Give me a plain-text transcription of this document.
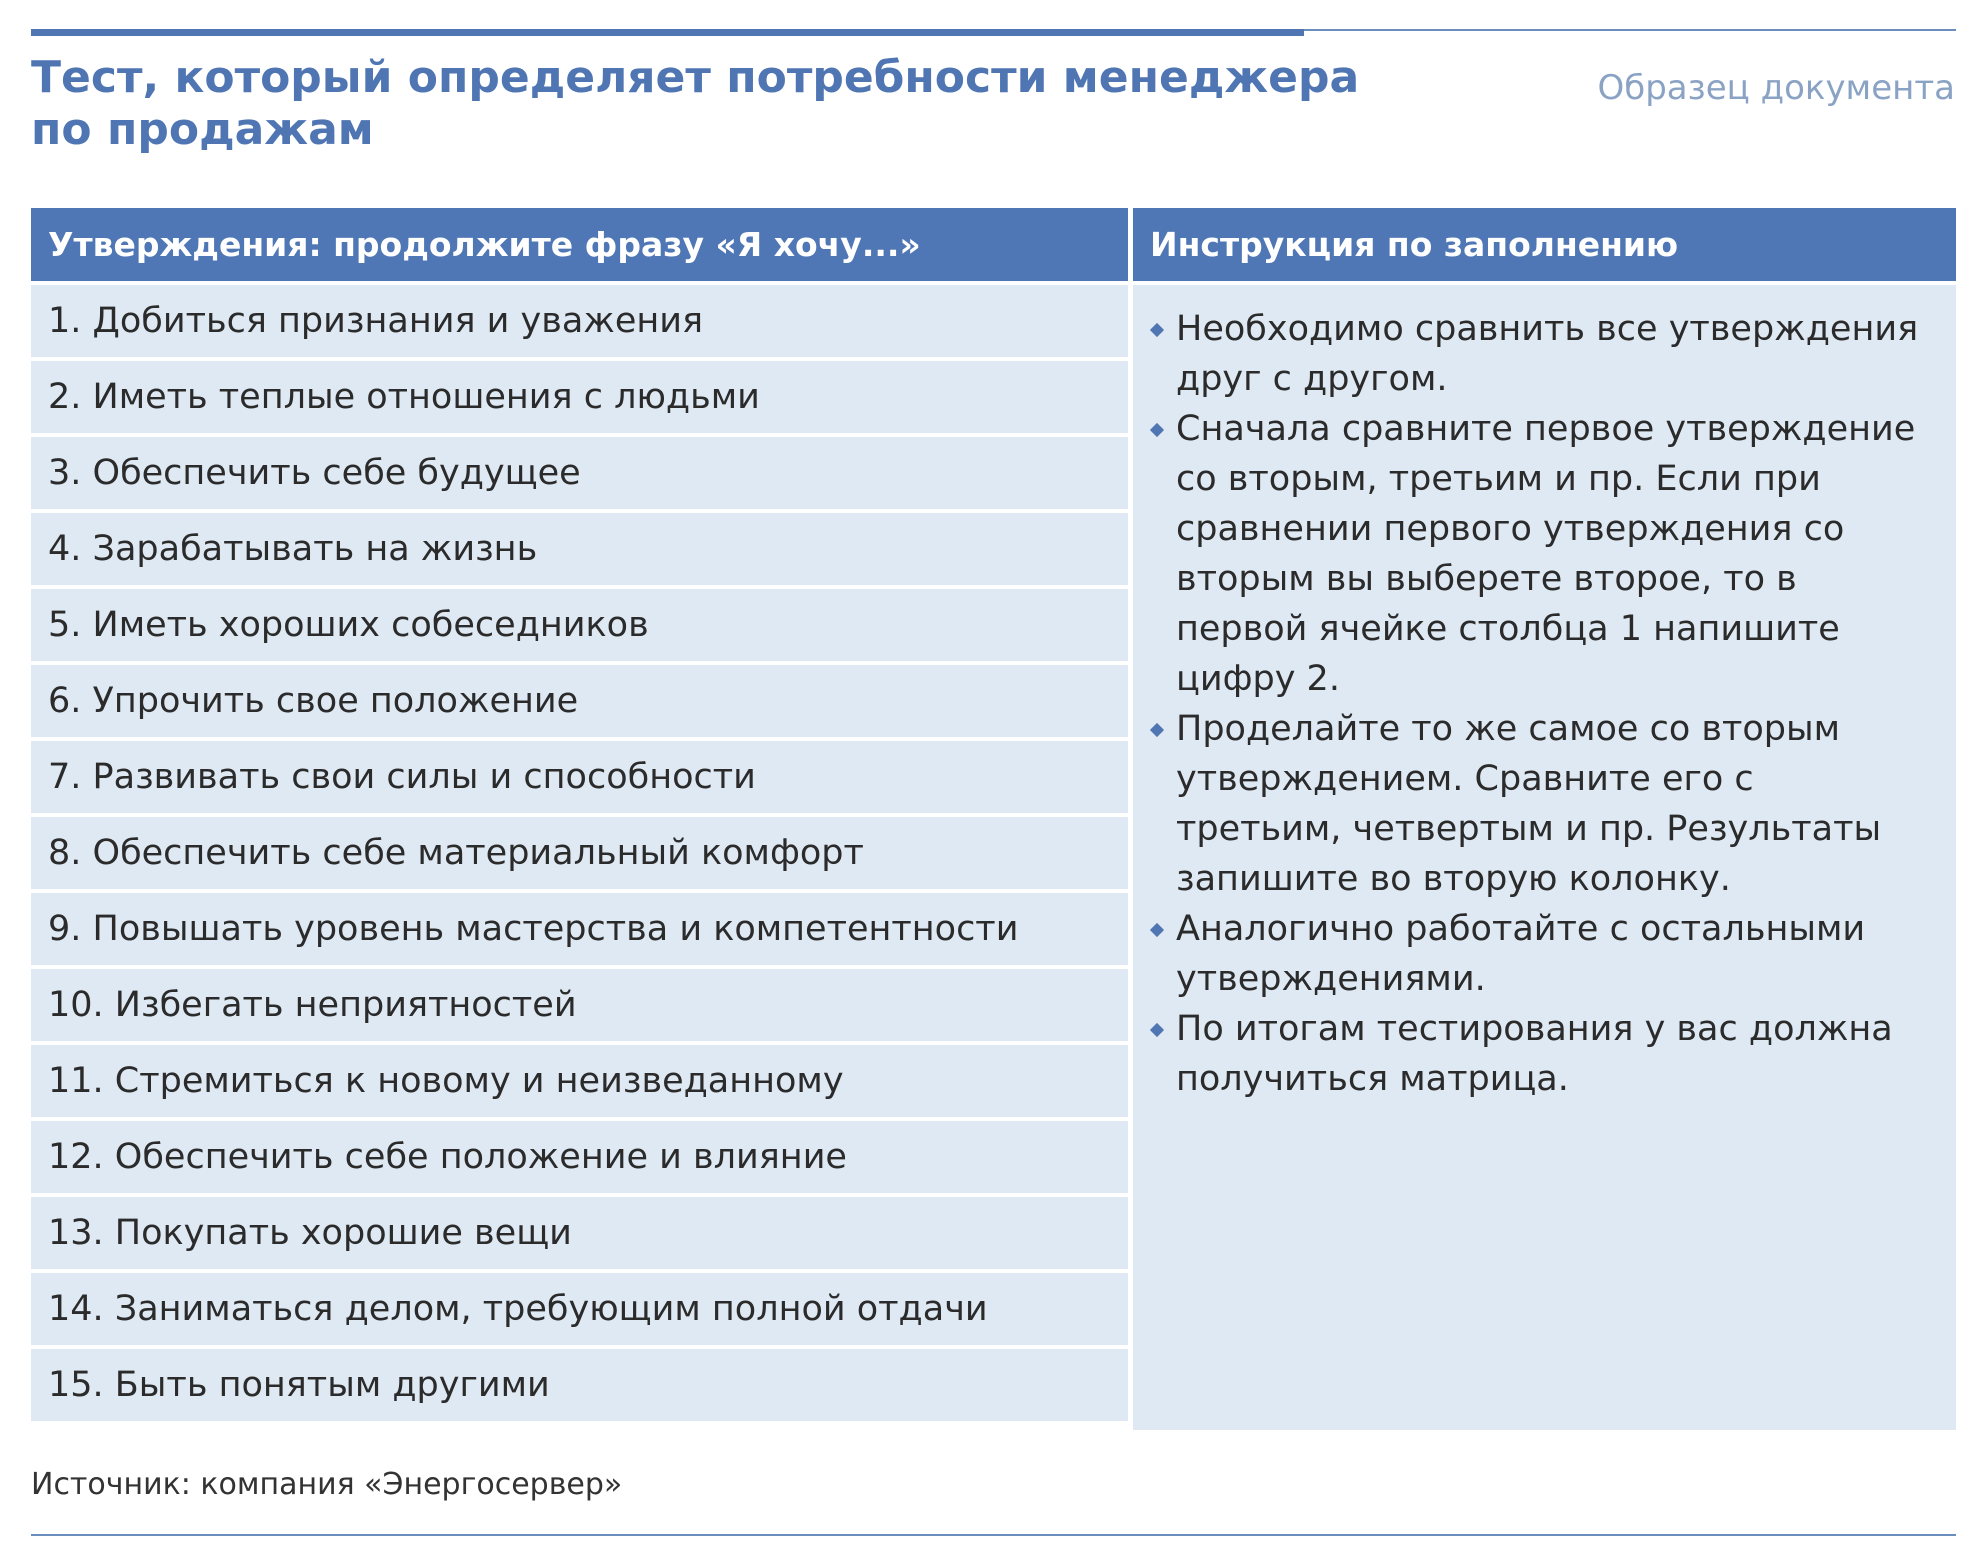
Тест, который определяет потребности менеджера по продажам
Образец документа
Утверждения: продолжите фразу «Я хочу...»	Инструкция по заполнению
1. Добиться признания и уважения
2. Иметь теплые отношения с людьми
3. Обеспечить себе будущее
4. Зарабатывать на жизнь
5. Иметь хороших собеседников
6. Упрочить свое положение
7. Развивать свои силы и способности
8. Обеспечить себе материальный комфорт
9. Повышать уровень мастерства и компетентности
10. Избегать неприятностей
11. Стремиться к новому и неизведанному
12. Обеспечить себе положение и влияние
13. Покупать хорошие вещи
14. Заниматься делом, требующим полной отдачи
15. Быть понятым другими
Необходимо сравнить все утверждения друг с другом.
Сначала сравните первое утверждение со вторым, третьим и пр. Если при сравнении первого утверждения со вторым вы выберете второе, то в первой ячейке столбца 1 напишите цифру 2.
Проделайте то же самое со вторым утверждением. Сравните его с третьим, четвертым и пр. Результаты запишите во вторую колонку.
Аналогично работайте с остальными утверждениями.
По итогам тестирования у вас должна получиться матрица.
Источник: компания «Энергосервер»
